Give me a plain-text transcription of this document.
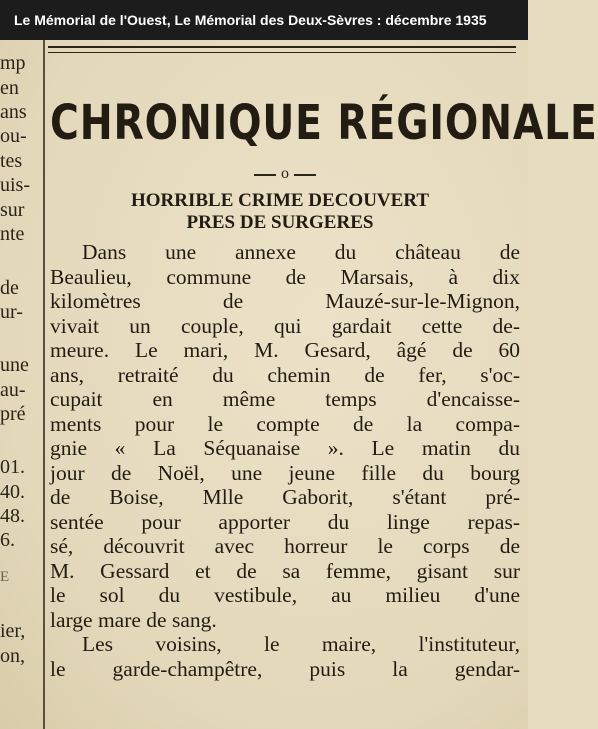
Le Mémorial de l'Ouest, Le Mémorial des Deux-Sèvres : décembre 1935
mp
en
ans
ou-
tes
uis-
sur
nte
de
ur-
une
au-
pré
01.
40.
48.
6.
E
ier,
on,
CHRONIQUE RÉGIONALE
o
HORRIBLE CRIME DECOUVERT
PRES DE SURGERES
Dans une annexe du château de
Beaulieu, commune de Marsais, à dix
kilomètres de Mauzé-sur-le-Mignon,
vivait un couple, qui gardait cette de-
meure. Le mari, M. Gesard, âgé de 60
ans, retraité du chemin de fer, s'oc-
cupait en même temps d'encaisse-
ments pour le compte de la compa-
gnie « La Séquanaise ». Le matin du
jour de Noël, une jeune fille du bourg
de Boise, Mlle Gaborit, s'étant pré-
sentée pour apporter du linge repas-
sé, découvrit avec horreur le corps de
M. Gessard et de sa femme, gisant sur
le sol du vestibule, au milieu d'une
large mare de sang.
Les voisins, le maire, l'instituteur,
le garde-champêtre, puis la gendar-
